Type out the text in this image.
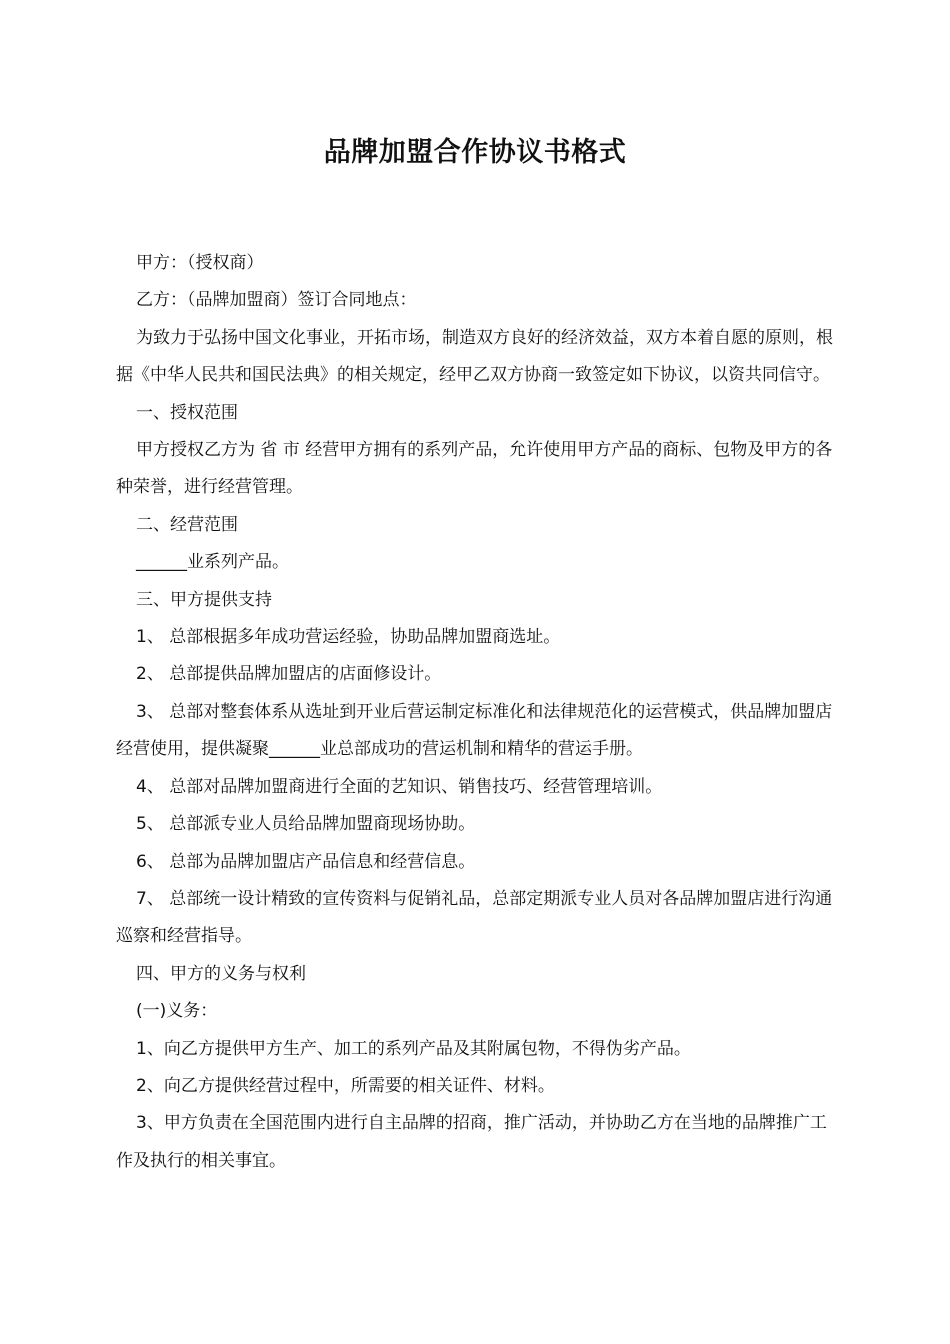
品牌加盟合作协议书格式

甲方：（授权商）

乙方：（品牌加盟商）签订合同地点：

为致力于弘扬中国文化事业，开拓市场，制造双方良好的经济效益，双方本着自愿的原则，根据《中华人民共和国民法典》的相关规定，经甲乙双方协商一致签定如下协议，以资共同信守。

一、授权范围

甲方授权乙方为 省 市 经营甲方拥有的系列产品，允许使用甲方产品的商标、包物及甲方的各种荣誉，进行经营管理。

二、经营范围

______业系列产品。

三、甲方提供支持

1、 总部根据多年成功营运经验，协助品牌加盟商选址。

2、 总部提供品牌加盟店的店面修设计。

3、 总部对整套体系从选址到开业后营运制定标准化和法律规范化的运营模式，供品牌加盟店经营使用，提供凝聚______业总部成功的营运机制和精华的营运手册。

4、 总部对品牌加盟商进行全面的艺知识、销售技巧、经营管理培训。

5、 总部派专业人员给品牌加盟商现场协助。

6、 总部为品牌加盟店产品信息和经营信息。

7、 总部统一设计精致的宣传资料与促销礼品，总部定期派专业人员对各品牌加盟店进行沟通巡察和经营指导。

四、甲方的义务与权利

(一)义务：

1、向乙方提供甲方生产、加工的系列产品及其附属包物，不得伪劣产品。

2、向乙方提供经营过程中，所需要的相关证件、材料。

3、甲方负责在全国范围内进行自主品牌的招商，推广活动，并协助乙方在当地的品牌推广工作及执行的相关事宜。
